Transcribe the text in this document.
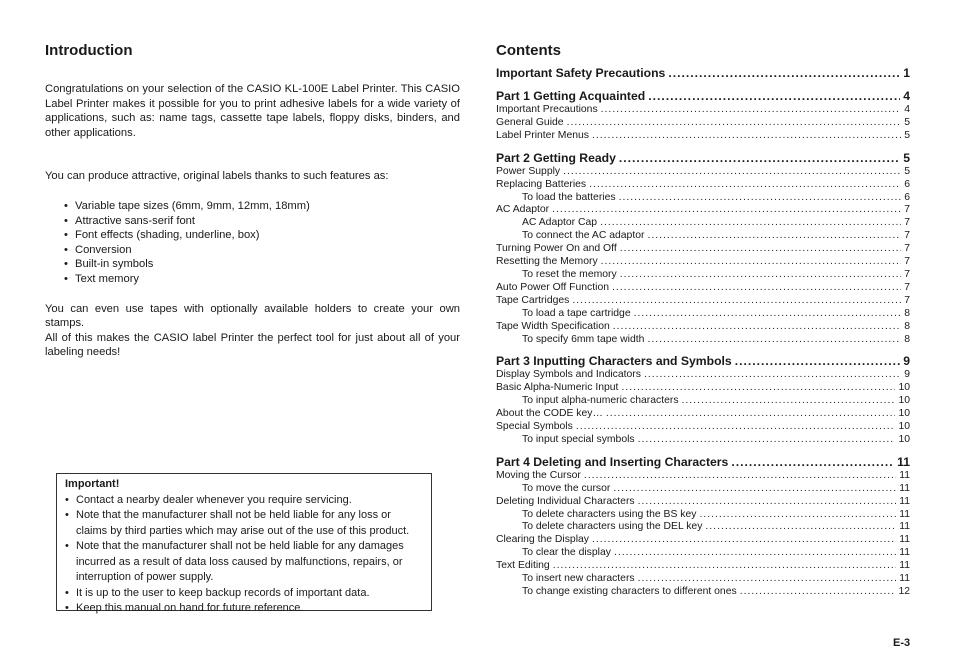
Introduction

Congratulations on your selection of the CASIO KL-100E Label Printer. This CASIO Label Printer makes it possible for you to print adhesive labels for a wide variety of applications, such as: name tags, cassette tape labels, floppy disks, binders, and other applications.

You can produce attractive, original labels thanks to such features as:

• Variable tape sizes (6mm, 9mm, 12mm, 18mm)
• Attractive sans-serif font
• Font effects (shading, underline, box)
• Conversion
• Built-in symbols
• Text memory

You can even use tapes with optionally available holders to create your own stamps.

All of this makes the CASIO label Printer the perfect tool for just about all of your labeling needs!

Important!
• Contact a nearby dealer whenever you require servicing.
• Note that the manufacturer shall not be held liable for any loss or claims by third parties which may arise out of the use of this product.
• Note that the manufacturer shall not be held liable for any damages incurred as a result of data loss caused by malfunctions, repairs, or interruption of power supply.
• It is up to the user to keep backup records of important data.
• Keep this manual on hand for future reference.
Contents
Important Safety Precautions .....	1
Part 1 Getting Acquainted .....	4
Important Precautions .....	4
General Guide .....	5
Label Printer Menus .....	5
Part 2 Getting Ready .....	5
Power Supply .....	5
Replacing Batteries .....	6
To load the batteries .....	6
AC Adaptor .....	7
AC Adaptor Cap .....	7
To connect the AC adaptor .....	7
Turning Power On and Off .....	7
Resetting the Memory .....	7
To reset the memory .....	7
Auto Power Off Function .....	7
Tape Cartridges .....	7
To load a tape cartridge .....	8
Tape Width Specification .....	8
To specify 6mm tape width .....	8
Part 3 Inputting Characters and Symbols .....	9
Display Symbols and Indicators .....	9
Basic Alpha-Numeric Input .....	10
To input alpha-numeric characters .....	10
About the CODE key… .....	10
Special Symbols .....	10
To input special symbols .....	10
Part 4 Deleting and Inserting Characters .....	11
Moving the Cursor .....	11
To move the cursor .....	11
Deleting Individual Characters .....	11
To delete characters using the BS key .....	11
To delete characters using the DEL key .....	11
Clearing the Display .....	11
To clear the display .....	11
Text Editing .....	11
To insert new characters .....	11
To change existing characters to different ones .....	12
E-3
